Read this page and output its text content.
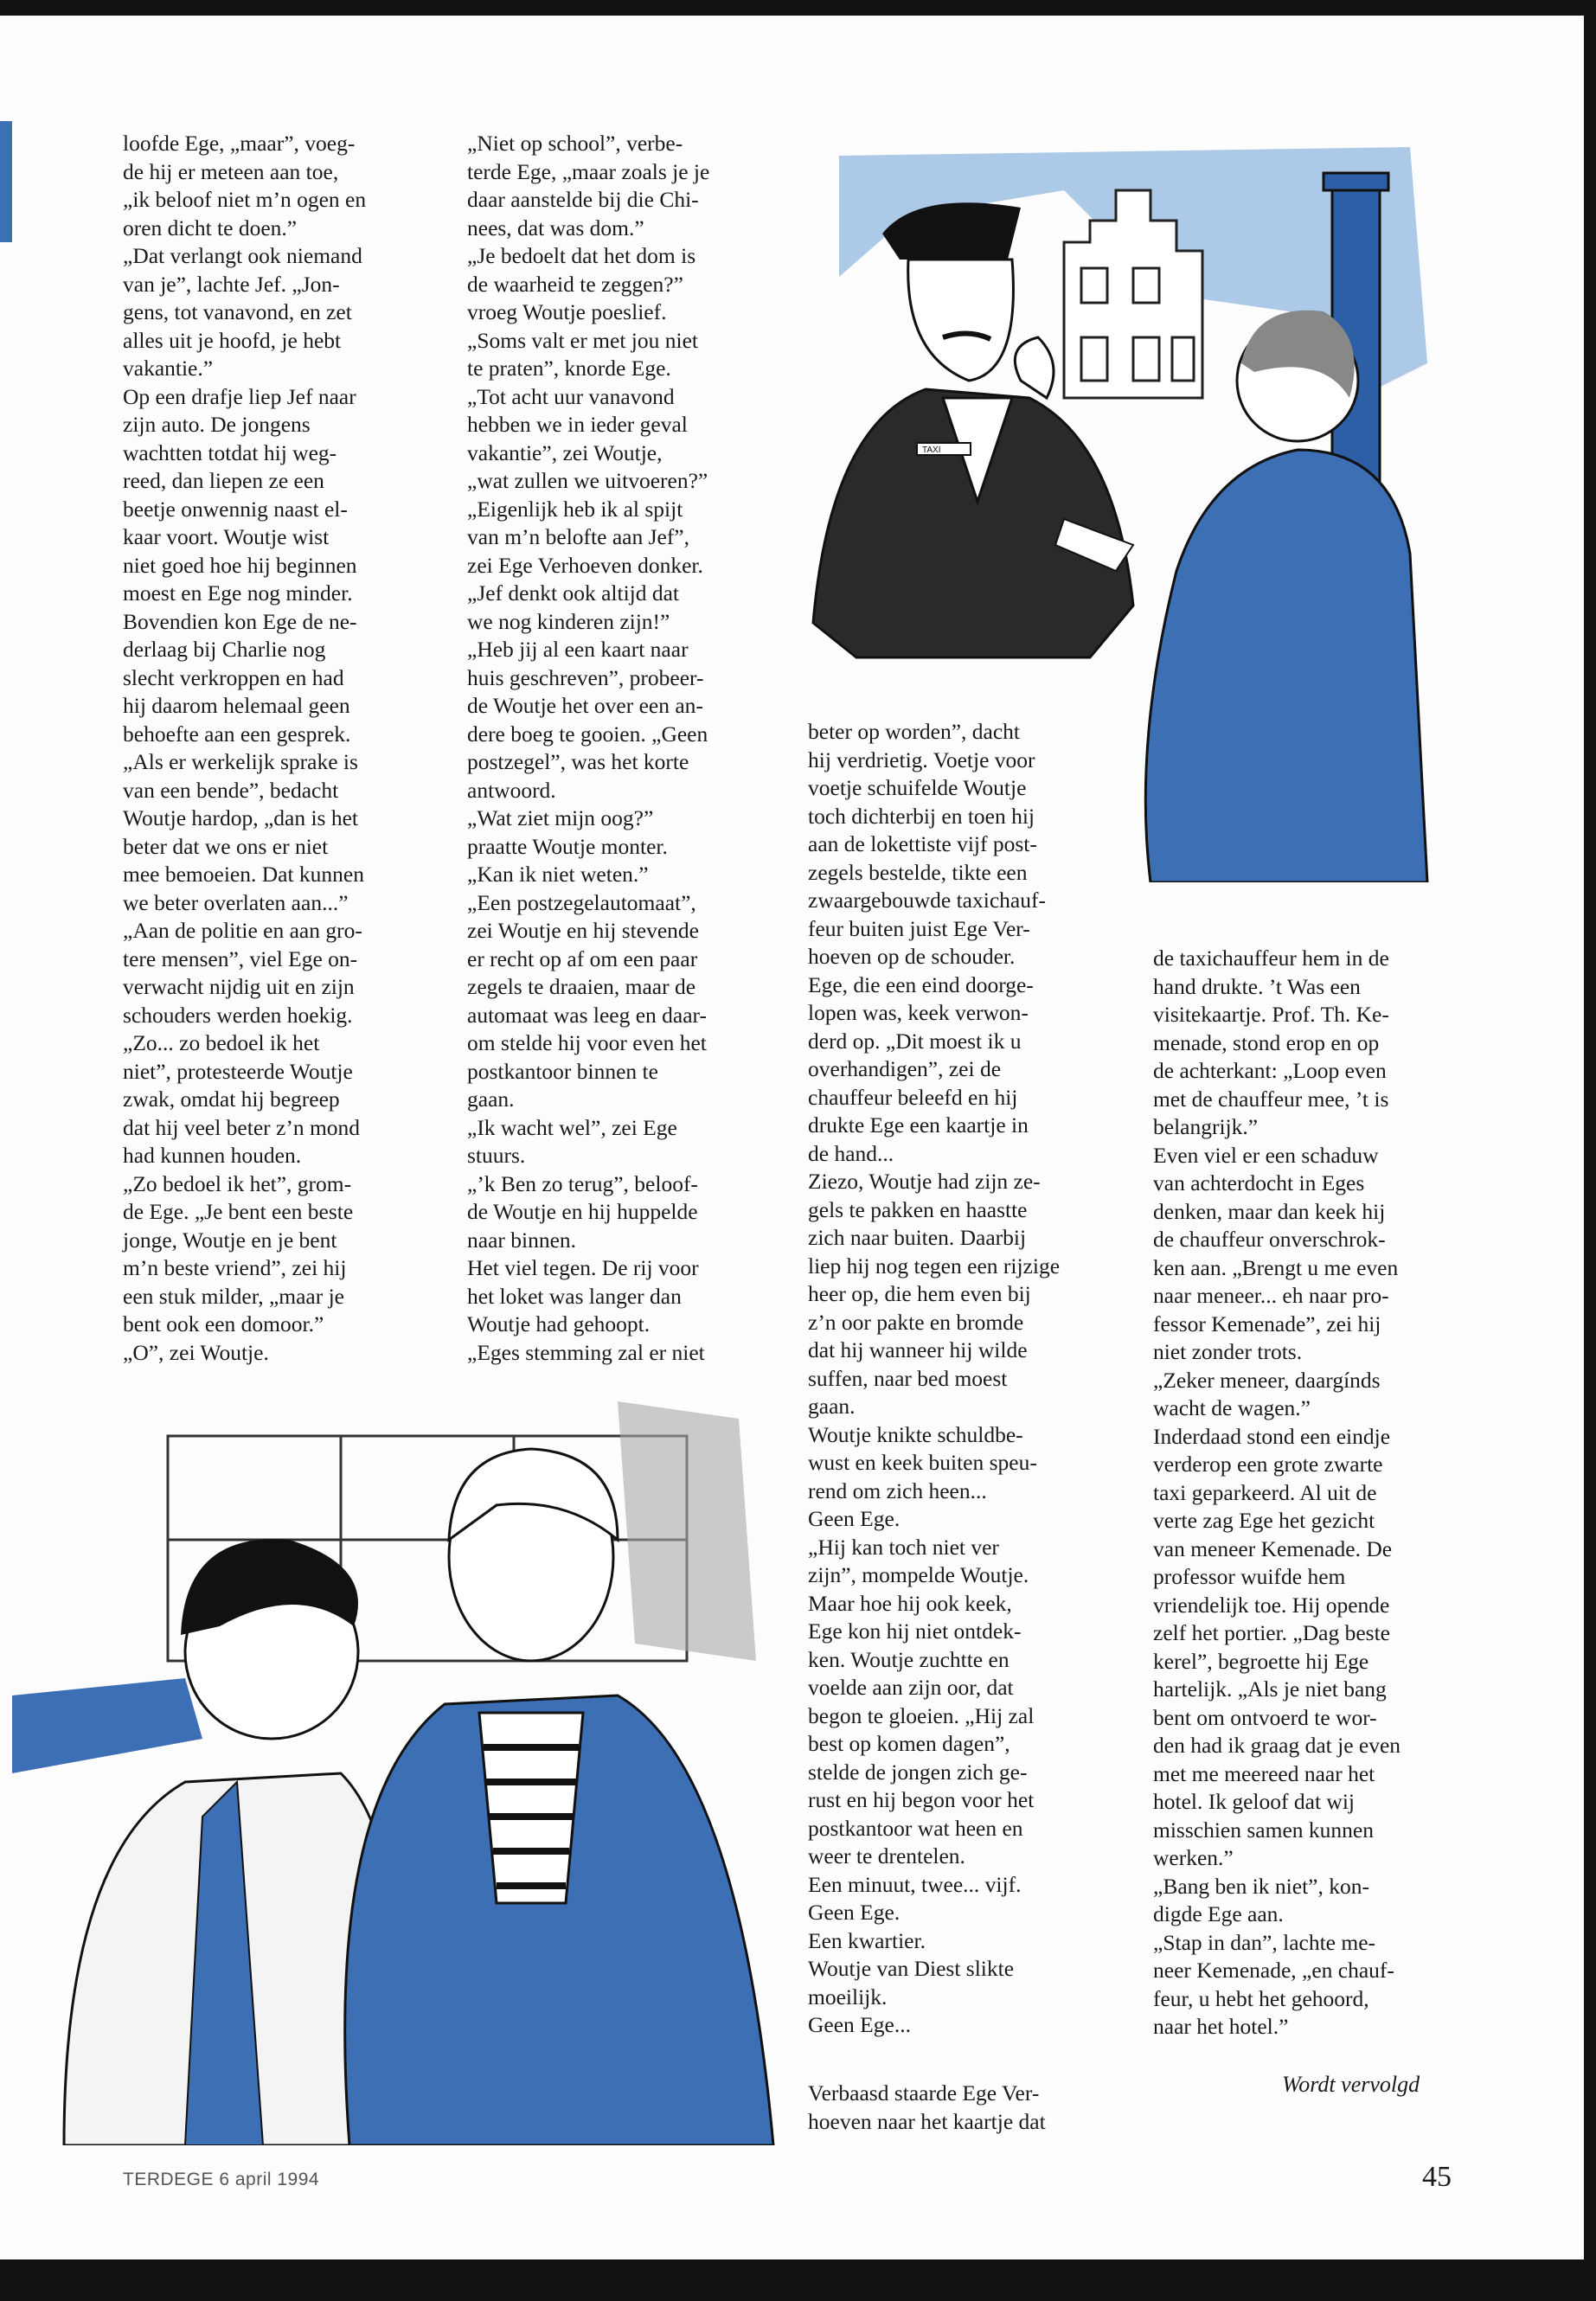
loofde Ege, „maar”, voeg-

de hij er meteen aan toe,

„ik beloof niet m’n ogen en

oren dicht te doen.”

„Dat verlangt ook niemand

van je”, lachte Jef. „Jon-

gens, tot vanavond, en zet

alles uit je hoofd, je hebt

vakantie.”

Op een drafje liep Jef naar

zijn auto. De jongens

wachtten totdat hij weg-

reed, dan liepen ze een

beetje onwennig naast el-

kaar voort. Woutje wist

niet goed hoe hij beginnen

moest en Ege nog minder.

Bovendien kon Ege de ne-

derlaag bij Charlie nog

slecht verkroppen en had

hij daarom helemaal geen

behoefte aan een gesprek.

„Als er werkelijk sprake is

van een bende”, bedacht

Woutje hardop, „dan is het

beter dat we ons er niet

mee bemoeien. Dat kunnen

we beter overlaten aan...”

„Aan de politie en aan gro-

tere mensen”, viel Ege on-

verwacht nijdig uit en zijn

schouders werden hoekig.

„Zo... zo bedoel ik het

niet”, protesteerde Woutje

zwak, omdat hij begreep

dat hij veel beter z’n mond

had kunnen houden.

„Zo bedoel ik het”, grom-

de Ege. „Je bent een beste

jonge, Woutje en je bent

m’n beste vriend”, zei hij

een stuk milder, „maar je

bent ook een domoor.”

„O”, zei Woutje.

„Niet op school”, verbe-

terde Ege, „maar zoals je je

daar aanstelde bij die Chi-

nees, dat was dom.”

„Je bedoelt dat het dom is

de waarheid te zeggen?”

vroeg Woutje poeslief.

„Soms valt er met jou niet

te praten”, knorde Ege.

„Tot acht uur vanavond

hebben we in ieder geval

vakantie”, zei Woutje,

„wat zullen we uitvoeren?”

„Eigenlijk heb ik al spijt

van m’n belofte aan Jef”,

zei Ege Verhoeven donker.

„Jef denkt ook altijd dat

we nog kinderen zijn!”

„Heb jij al een kaart naar

huis geschreven”, probeer-

de Woutje het over een an-

dere boeg te gooien. „Geen

postzegel”, was het korte

antwoord.

„Wat ziet mijn oog?”

praatte Woutje monter.

„Kan ik niet weten.”

„Een postzegelautomaat”,

zei Woutje en hij stevende

er recht op af om een paar

zegels te draaien, maar de

automaat was leeg en daar-

om stelde hij voor even het

postkantoor binnen te

gaan.

„Ik wacht wel”, zei Ege

stuurs.

„’k Ben zo terug”, beloof-

de Woutje en hij huppelde

naar binnen.

Het viel tegen. De rij voor

het loket was langer dan

Woutje had gehoopt.

„Eges stemming zal er niet

beter op worden”, dacht

hij verdrietig. Voetje voor

voetje schuifelde Woutje

toch dichterbij en toen hij

aan de lokettiste vijf post-

zegels bestelde, tikte een

zwaargebouwde taxichauf-

feur buiten juist Ege Ver-

hoeven op de schouder.

Ege, die een eind doorge-

lopen was, keek verwon-

derd op. „Dit moest ik u

overhandigen”, zei de

chauffeur beleefd en hij

drukte Ege een kaartje in

de hand...

Ziezo, Woutje had zijn ze-

gels te pakken en haastte

zich naar buiten. Daarbij

liep hij nog tegen een rijzige

heer op, die hem even bij

z’n oor pakte en bromde

dat hij wanneer hij wilde

suffen, naar bed moest

gaan.

Woutje knikte schuldbe-

wust en keek buiten speu-

rend om zich heen...

Geen Ege.

„Hij kan toch niet ver

zijn”, mompelde Woutje.

Maar hoe hij ook keek,

Ege kon hij niet ontdek-

ken. Woutje zuchtte en

voelde aan zijn oor, dat

begon te gloeien. „Hij zal

best op komen dagen”,

stelde de jongen zich ge-

rust en hij begon voor het

postkantoor wat heen en

weer te drentelen.

Een minuut, twee... vijf.

Geen Ege.

Een kwartier.

Woutje van Diest slikte

moeilijk.

Geen Ege...

Verbaasd staarde Ege Ver-

hoeven naar het kaartje dat

de taxichauffeur hem in de

hand drukte. ’t Was een

visitekaartje. Prof. Th. Ke-

menade, stond erop en op

de achterkant: „Loop even

met de chauffeur mee, ’t is

belangrijk.”

Even viel er een schaduw

van achterdocht in Eges

denken, maar dan keek hij

de chauffeur onverschrok-

ken aan. „Brengt u me even

naar meneer... eh naar pro-

fessor Kemenade”, zei hij

niet zonder trots.

„Zeker meneer, daargínds

wacht de wagen.”

Inderdaad stond een eindje

verderop een grote zwarte

taxi geparkeerd. Al uit de

verte zag Ege het gezicht

van meneer Kemenade. De

professor wuifde hem

vriendelijk toe. Hij opende

zelf het portier. „Dag beste

kerel”, begroette hij Ege

hartelijk. „Als je niet bang

bent om ontvoerd te wor-

den had ik graag dat je even

met me meereed naar het

hotel. Ik geloof dat wij

misschien samen kunnen

werken.”

„Bang ben ik niet”, kon-

digde Ege aan.

„Stap in dan”, lachte me-

neer Kemenade, „en chauf-

feur, u hebt het gehoord,

naar het hotel.”

Wordt vervolgd
TAXI
TERDEGE 6 april 1994	45
